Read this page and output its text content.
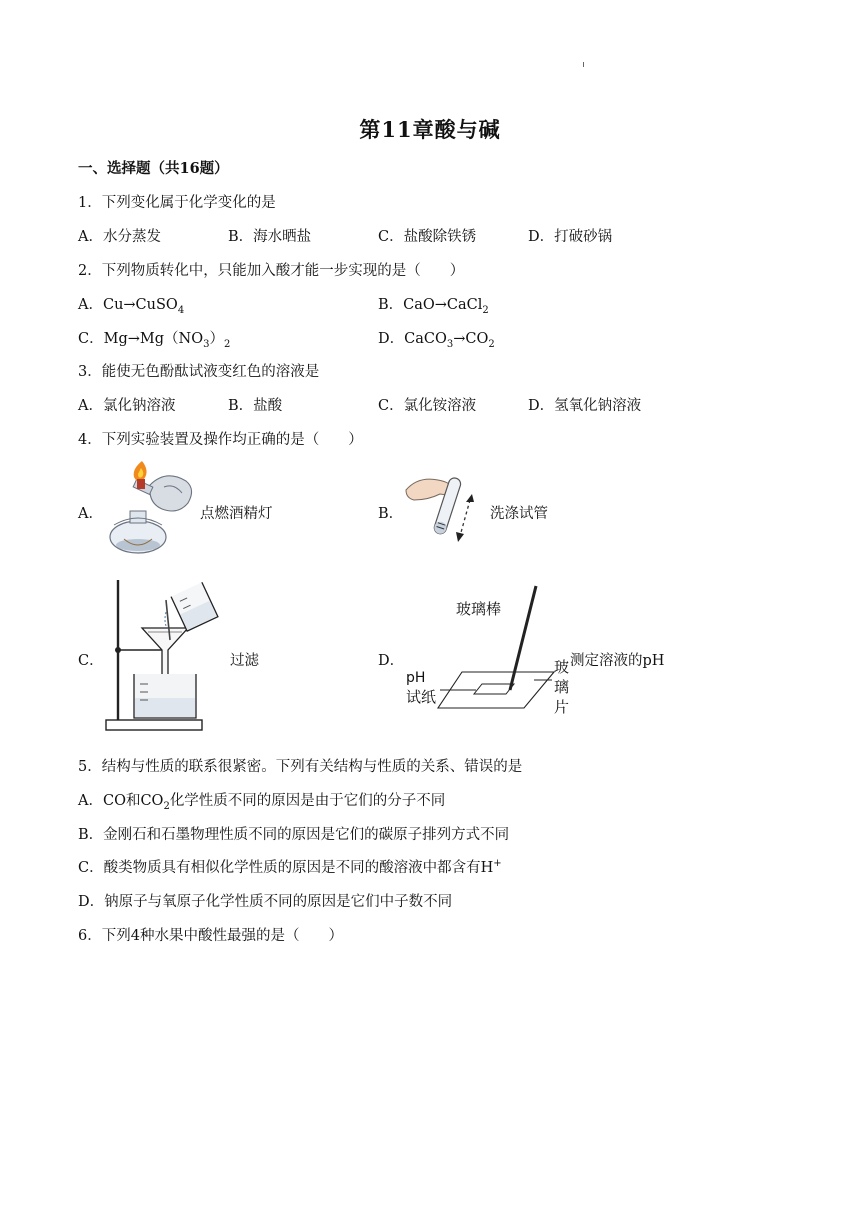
第11章酸与碱
一、选择题（共16题）
1．下列变化属于化学变化的是
A．水分蒸发	B．海水晒盐	C．盐酸除铁锈	D．打破砂锅
2．下列物质转化中，只能加入酸才能一步实现的是（　　）
A．Cu→CuSO$_4$	B．CaO→CaCl$_2$
C．$Mg\to Mg(NO_3)_2$	D．$CaCO_3\to CO_2$
3．能使无色酚酞试液变红色的溶液是
A．氯化钠溶液	B．盐酸	C．氯化铵溶液	D．氢氧化钠溶液
4．下列实验装置及操作均正确的是（　　）
A．	点燃酒精灯	B．	洗涤试管
C．	过滤	D．
玻璃棒
pH
试纸
玻
璃
片
测定溶液的pH
5．结构与性质的联系很紧密。下列有关结构与性质的关系、错误的是
A．CO和$CO_2$化学性质不同的原因是由于它们的分子不同
B．金刚石和石墨物理性质不同的原因是它们的碳原子排列方式不同
C．酸类物质具有相似化学性质的原因是不同的酸溶液中都含有H+
D．钠原子与氧原子化学性质不同的原因是它们中子数不同
6．下列4种水果中酸性最强的是（　　）
